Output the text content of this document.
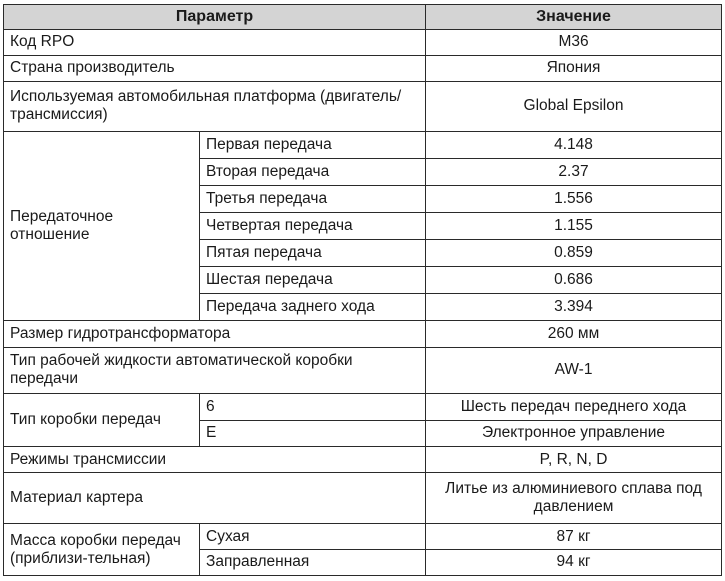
Параметр		Значение
Код RPO		M36
Страна производитель		Япония
Используемая автомобильная платформа (двигатель/трансмиссия)		Global Epsilon
Передаточное отношение	Первая передача	4.148
	Вторая передача	2.37
	Третья передача	1.556
	Четвертая передача	1.155
	Пятая передача	0.859
	Шестая передача	0.686
	Передача заднего хода	3.394
Размер гидротрансформатора		260 мм
Тип рабочей жидкости автоматической коробки передачи		AW-1
Тип коробки передач	6	Шесть передач переднего хода
	E	Электронное управление
Режимы трансмиссии		P, R, N, D
Материал картера		Литье из алюминиевого сплава под давлением
Масса коробки передач (приблизи-тельная)	Сухая	87 кг
	Заправленная	94 кг
